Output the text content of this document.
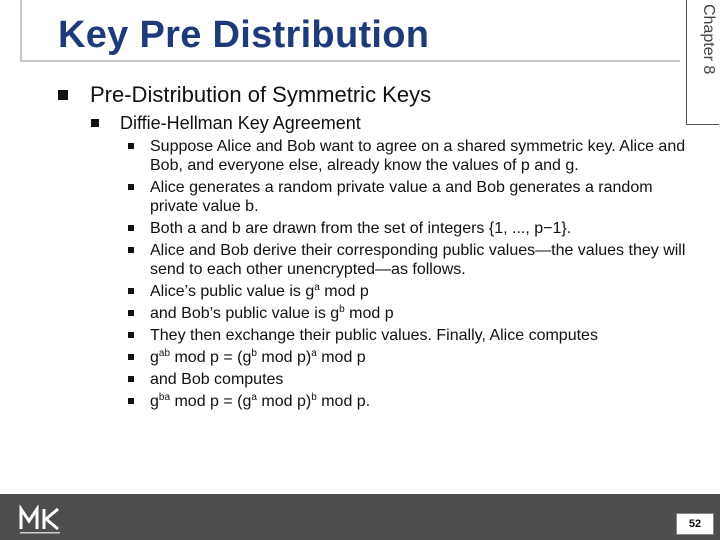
Key Pre Distribution	Chapter 8
Pre-Distribution of Symmetric Keys
Diffie-Hellman Key Agreement
Suppose Alice and Bob want to agree on a shared symmetric key. Alice and Bob, and everyone else, already know the values of p and g.
Alice generates a random private value a and Bob generates a random private value b.
Both a and b are drawn from the set of integers {1, ..., p−1}.
Alice and Bob derive their corresponding public values—the values they will send to each other unencrypted—as follows.
Alice’s public value is $g^a$ mod p
and Bob’s public value is $g^b$ mod p
They then exchange their public values. Finally, Alice computes
$g^{ab}$ mod $p = (g^b$ mod p)$^a$ mod p
and Bob computes
$g^{ba}$ mod $p = (g^a$ mod p)$^b$ mod p.
52
